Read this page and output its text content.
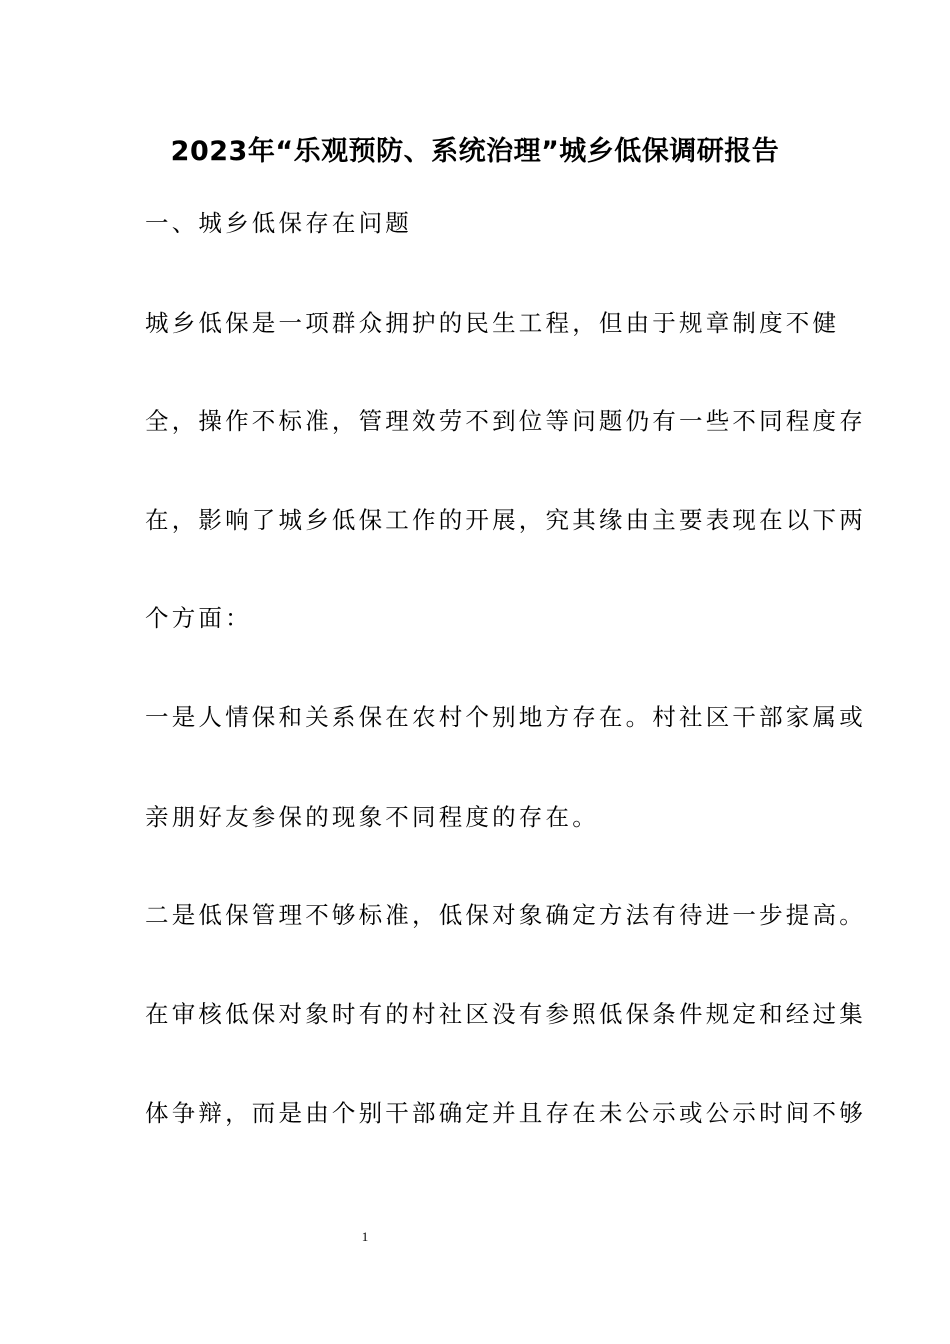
2023年“乐观预防、系统治理”城乡低保调研报告
一、城乡低保存在问题
城乡低保是一项群众拥护的民生工程，但由于规章制度不健
全，操作不标准，管理效劳不到位等问题仍有一些不同程度存
在，影响了城乡低保工作的开展，究其缘由主要表现在以下两
个方面：
一是人情保和关系保在农村个别地方存在。村社区干部家属或
亲朋好友参保的现象不同程度的存在。
二是低保管理不够标准，低保对象确定方法有待进一步提高。
在审核低保对象时有的村社区没有参照低保条件规定和经过集
体争辩，而是由个别干部确定并且存在未公示或公示时间不够
1
